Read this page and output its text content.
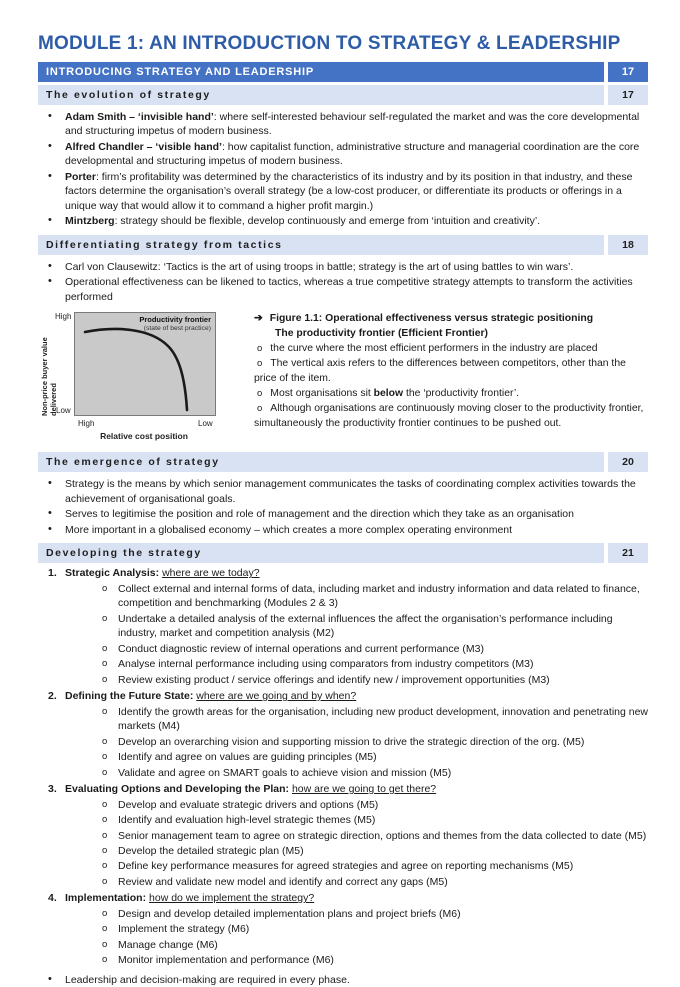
MODULE 1: AN INTRODUCTION TO STRATEGY & LEADERSHIP
INTRODUCING STRATEGY AND LEADERSHIP	17
The evolution of strategy	17
• Adam Smith – ‘invisible hand’: where self-interested behaviour self-regulated the market and was the core developmental and structuring impetus of modern business.
• Alfred Chandler – ‘visible hand’: how capitalist function, administrative structure and managerial coordination are the core developmental and structuring impetus of modern business.
• Porter: firm’s profitability was determined by the characteristics of its industry and by its position in that industry, and these factors determine the organisation’s overall strategy (be a low-cost producer, or differentiate its products or offerings in a unique way that would allow it to command a higher profit margin.)
• Mintzberg: strategy should be flexible, develop continuously and emerge from ‘intuition and creativity’.
Differentiating strategy from tactics	18
• Carl von Clausewitz: ‘Tactics is the art of using troops in battle; strategy is the art of using battles to win wars’.
• Operational effectiveness can be likened to tactics, whereas a true competitive strategy attempts to transform the activities performed
Non-price buyer value delivered
High
Low
Productivity frontier
(state of best practice)
High	Low
Relative cost position
➔ Figure 1.1: Operational effectiveness versus strategic positioning
The productivity frontier (Efficient Frontier)
o the curve where the most efficient performers in the industry are placed
o The vertical axis refers to the differences between competitors, other than the price of the item.
o Most organisations sit below the ‘productivity frontier’.
o Although organisations are continuously moving closer to the productivity frontier, simultaneously the productivity frontier continues to be pushed out.
The emergence of strategy	20
• Strategy is the means by which senior management communicates the tasks of coordinating complex activities towards the achievement of organisational goals.
• Serves to legitimise the position and role of management and the direction which they take as an organisation
• More important in a globalised economy – which creates a more complex operating environment
Developing the strategy	21
1. Strategic Analysis: where are we today?
o Collect external and internal forms of data, including market and industry information and data related to finance, competition and benchmarking (Modules 2 & 3)
o Undertake a detailed analysis of the external influences the affect the organisation’s performance including industry, market and competition analysis (M2)
o Conduct diagnostic review of internal operations and current performance (M3)
o Analyse internal performance including using comparators from industry competitors (M3)
o Review existing product / service offerings and identify new / improvement opportunities (M3)
2. Defining the Future State: where are we going and by when?
o Identify the growth areas for the organisation, including new product development, innovation and penetrating new markets (M4)
o Develop an overarching vision and supporting mission to drive the strategic direction of the org. (M5)
o Identify and agree on values are guiding principles (M5)
o Validate and agree on SMART goals to achieve vision and mission (M5)
3. Evaluating Options and Developing the Plan: how are we going to get there?
o Develop and evaluate strategic drivers and options (M5)
o Identify and evaluation high-level strategic themes (M5)
o Senior management team to agree on strategic direction, options and themes from the data collected to date (M5)
o Develop the detailed strategic plan (M5)
o Define key performance measures for agreed strategies and agree on reporting mechanisms (M5)
o Review and validate new model and identify and correct any gaps (M5)
4. Implementation: how do we implement the strategy?
o Design and develop detailed implementation plans and project briefs (M6)
o Implement the strategy (M6)
o Manage change (M6)
o Monitor implementation and performance (M6)
• Leadership and decision-making are required in every phase.
